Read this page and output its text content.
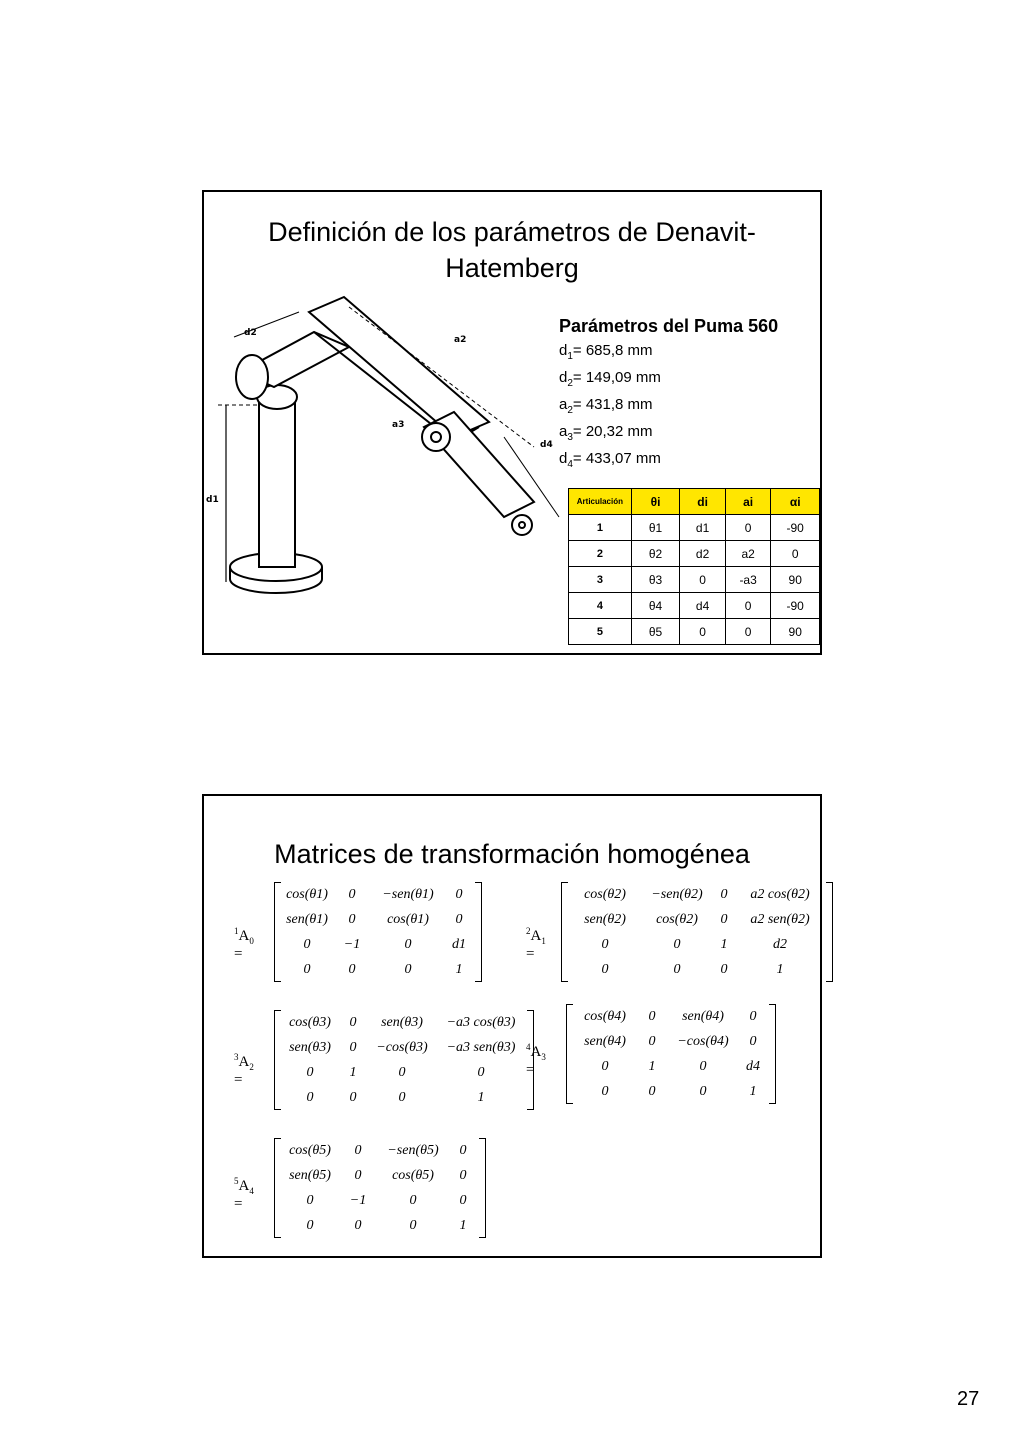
Definición de los parámetros de Denavit-Hatemberg
d1
d2
a2
a3
d4
Parámetros del Puma 560
$d_1= 685,8$ mm
$d_2= 149,09$ mm
$a_2= 431,8$ mm
$a_3= 20,32$ mm
$d_4= 433,07$ mm
Articulación	θi	di	ai	αi
1	θ1	d1	0	-90
2	θ2	d2	a2	0
3	θ3	0	-a3	90
4	θ4	d4	0	-90
5	θ5	0	0	90
Matrices de transformación homogénea
$^1A_0$ =
cos(θ1)	0	−sen(θ1)	0
sen(θ1)	0	cos(θ1)	0
0	−1	0	d1
0	0	0	1
$^2A_1$ =
cos(θ2)	−sen(θ2)	0	a2 cos(θ2)
sen(θ2)	cos(θ2)	0	a2 sen(θ2)
0	0	1	d2
0	0	0	1
$^3A_2$ =
cos(θ3)	0	sen(θ3)	−a3 cos(θ3)
sen(θ3)	0	−cos(θ3)	−a3 sen(θ3)
0	1	0	0
0	0	0	1
$^4A_3$ =
cos(θ4)	0	sen(θ4)	0
sen(θ4)	0	−cos(θ4)	0
0	1	0	d4
0	0	0	1
$^5A_4$ =
cos(θ5)	0	−sen(θ5)	0
sen(θ5)	0	cos(θ5)	0
0	−1	0	0
0	0	0	1
27
